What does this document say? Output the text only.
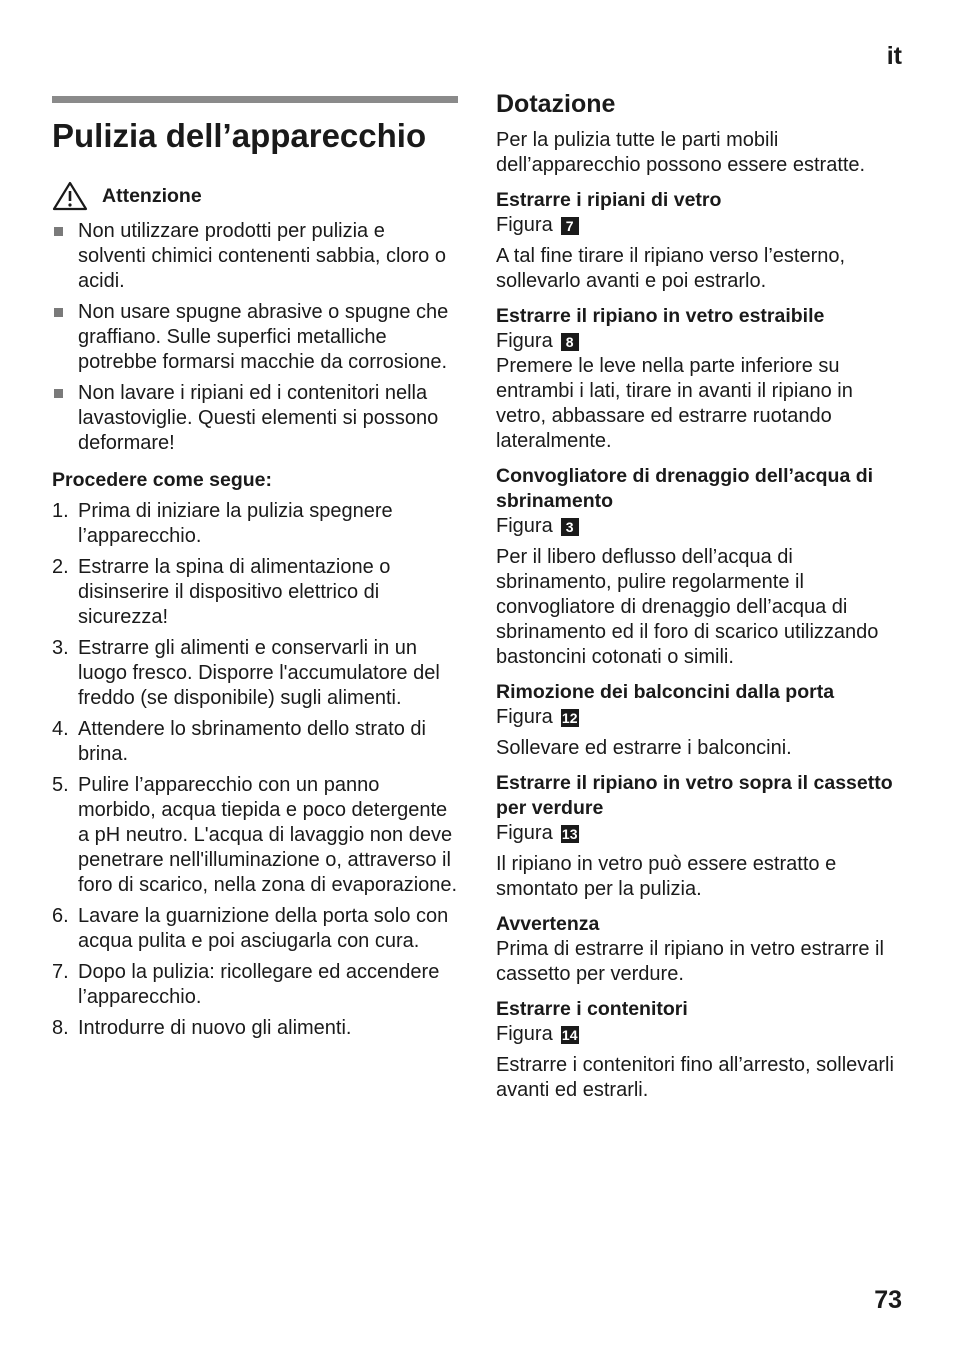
it
Pulizia dell’apparecchio
Attenzione
Non utilizzare prodotti per pulizia e solventi chimici contenenti sabbia, cloro o acidi.
Non usare spugne abrasive o spugne che graffiano. Sulle superfici metalliche potrebbe formarsi macchie da corrosione.
Non lavare i ripiani ed i contenitori nella lavastoviglie. Questi elementi si possono deformare!

Procedere come segue:

1. Prima di iniziare la pulizia spegnere l’apparecchio.
2. Estrarre la spina di alimentazione o disinserire il dispositivo elettrico di sicurezza!
3. Estrarre gli alimenti e conservarli in un luogo fresco. Disporre l'accumulatore del freddo (se disponibile) sugli alimenti.
4. Attendere lo sbrinamento dello strato di brina.
5. Pulire l’apparecchio con un panno morbido, acqua tiepida e poco detergente a pH neutro. L'acqua di lavaggio non deve penetrare nell'illuminazione o, attraverso il foro di scarico, nella zona di evaporazione.
6. Lavare la guarnizione della porta solo con acqua pulita e poi asciugarla con cura.
7. Dopo la pulizia: ricollegare ed accendere l’apparecchio.
8. Introdurre di nuovo gli alimenti.
Dotazione

Per la pulizia tutte le parti mobili dell’apparecchio possono essere estratte.

Estrarre i ripiani di vetro

Figura 7

A tal fine tirare il ripiano verso l’esterno, sollevarlo avanti e poi estrarlo.

Estrarre il ripiano in vetro estraibile

Figura 8

Premere le leve nella parte inferiore su entrambi i lati, tirare in avanti il ripiano in vetro, abbassare ed estrarre ruotando lateralmente.

Convogliatore di drenaggio dell’acqua di sbrinamento

Figura 3

Per il libero deflusso dell’acqua di sbrinamento, pulire regolarmente il convogliatore di drenaggio dell’acqua di sbrinamento ed il foro di scarico utilizzando bastoncini cotonati o simili.

Rimozione dei balconcini dalla porta

Figura 12

Sollevare ed estrarre i balconcini.

Estrarre il ripiano in vetro sopra il cassetto per verdure

Figura 13

Il ripiano in vetro può essere estratto e smontato per la pulizia.

Avvertenza

Prima di estrarre il ripiano in vetro estrarre il cassetto per verdure.

Estrarre i contenitori

Figura 14

Estrarre i contenitori fino all’arresto, sollevarli avanti ed estrarli.

73
